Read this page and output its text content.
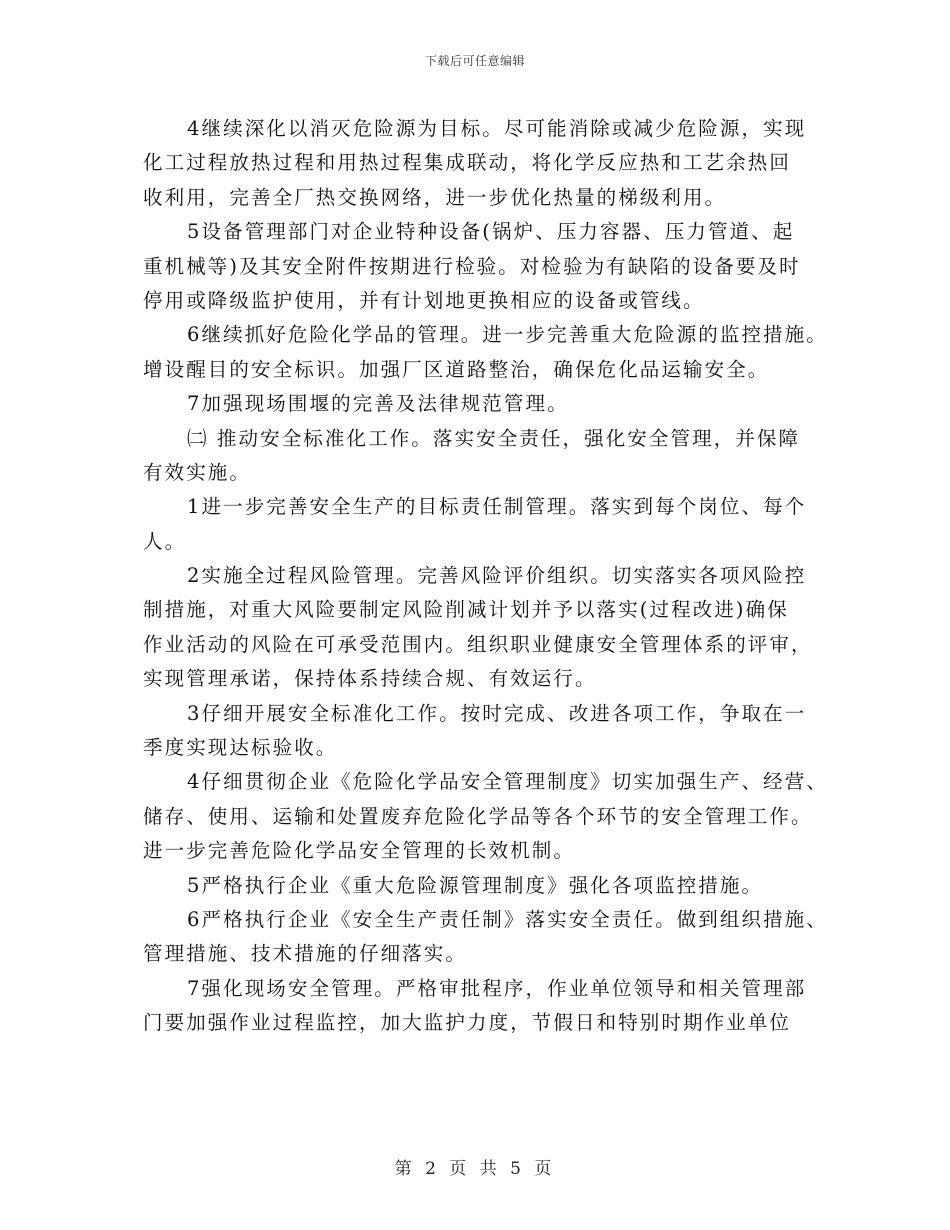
下载后可任意编辑
4继续深化以消灭危险源为目标。尽可能消除或减少危险源，实现
化工过程放热过程和用热过程集成联动，将化学反应热和工艺余热回
收利用，完善全厂热交换网络，进一步优化热量的梯级利用。
5设备管理部门对企业特种设备(锅炉、压力容器、压力管道、起
重机械等)及其安全附件按期进行检验。对检验为有缺陷的设备要及时
停用或降级监护使用，并有计划地更换相应的设备或管线。
6继续抓好危险化学品的管理。进一步完善重大危险源的监控措施。
增设醒目的安全标识。加强厂区道路整治，确保危化品运输安全。
7加强现场围堰的完善及法律规范管理。
㈡ 推动安全标准化工作。落实安全责任，强化安全管理，并保障
有效实施。
1进一步完善安全生产的目标责任制管理。落实到每个岗位、每个
人。
2实施全过程风险管理。完善风险评价组织。切实落实各项风险控
制措施，对重大风险要制定风险削减计划并予以落实(过程改进)确保
作业活动的风险在可承受范围内。组织职业健康安全管理体系的评审，
实现管理承诺，保持体系持续合规、有效运行。
3仔细开展安全标准化工作。按时完成、改进各项工作，争取在一
季度实现达标验收。
4仔细贯彻企业《危险化学品安全管理制度》切实加强生产、经营、
储存、使用、运输和处置废弃危险化学品等各个环节的安全管理工作。
进一步完善危险化学品安全管理的长效机制。
5严格执行企业《重大危险源管理制度》强化各项监控措施。
6严格执行企业《安全生产责任制》落实安全责任。做到组织措施、
管理措施、技术措施的仔细落实。
7强化现场安全管理。严格审批程序，作业单位领导和相关管理部
门要加强作业过程监控，加大监护力度，节假日和特别时期作业单位
第 2 页 共 5 页
